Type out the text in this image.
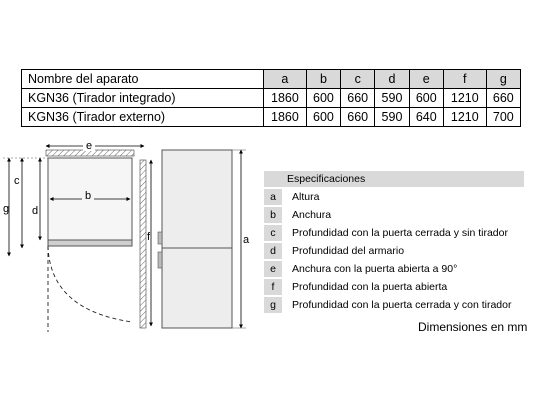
Nombre del aparato	a	b	c	d	e	f	g
KGN36 (Tirador integrado)	1860	600	660	590	600	1210	660
KGN36 (Tirador externo)	1860	600	660	590	640	1210	700
e
b
g
c
d
f	a
	Especificaciones
a	Altura
b	Anchura
c	Profundidad con la puerta cerrada y sin tirador
d	Profundidad del armario
e	Anchura con la puerta abierta a 90°
f	Profundidad con la puerta abierta
g	Profundidad con la puerta cerrada y con tirador
Dimensiones en mm
